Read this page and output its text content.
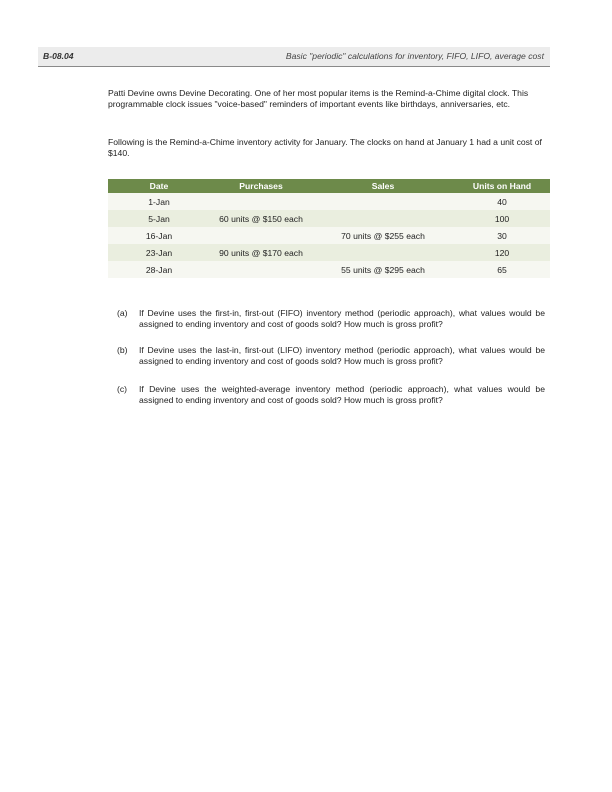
B-08.04	Basic "periodic" calculations for inventory, FIFO, LIFO, average cost

Patti Devine owns Devine Decorating. One of her most popular items is the Remind-a-Chime digital clock. This programmable clock issues "voice-based" reminders of important events like birthdays, anniversaries, etc.

Following is the Remind-a-Chime inventory activity for January. The clocks on hand at January 1 had a unit cost of $140.

Date	Purchases	Sales	Units on Hand
1-Jan			40
5-Jan	60 units @ $150 each		100
16-Jan		70 units @ $255 each	30
23-Jan	90 units @ $170 each		120
28-Jan		55 units @ $295 each	65
(a) If Devine uses the first-in, first-out (FIFO) inventory method (periodic approach), what values would be assigned to ending inventory and cost of goods sold? How much is gross profit?
(b) If Devine uses the last-in, first-out (LIFO) inventory method (periodic approach), what values would be assigned to ending inventory and cost of goods sold? How much is gross profit?
(c) If Devine uses the weighted-average inventory method (periodic approach), what values would be assigned to ending inventory and cost of goods sold? How much is gross profit?
